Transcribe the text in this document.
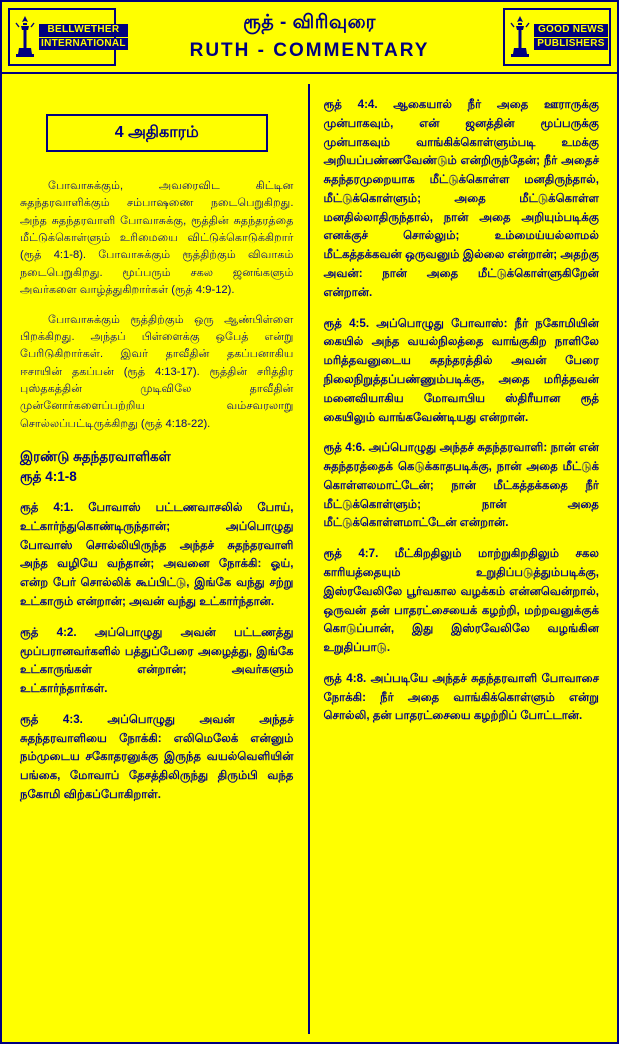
BELLWETHER
INTERNATIONAL
ரூத் - விரிவுரை
RUTH - COMMENTARY
GOOD NEWS
PUBLISHERS
4 அதிகாரம்

போவாசுக்கும், அவரைவிட கிட்டின சுதந்தரவாளிக்கும் சம்பாஷணை நடைபெறுகிறது. அந்த சுதந்தரவாளி போவாசுக்கு, ரூத்தின் சுதந்தரத்தை மீட்டுக்கொள்ளும் உரிமையை விட்டுக்கொடுக்கிறார் (ரூத் 4:1-8). போவாசுக்கும் ரூத்திற்கும் விவாகம் நடைபெறுகிறது. மூப்பரும் சகல ஜனங்களும் அவர்களை வாழ்த்துகிறார்கள் (ரூத் 4:9-12).

போவாசுக்கும் ரூத்திற்கும் ஒரு ஆண்பிள்ளை பிறக்கிறது. அந்தப் பிள்ளைக்கு ஒபேத் என்று பேரிடுகிறார்கள். இவர் தாவீதின் தகப்பனாகிய ஈசாயின் தகப்பன் (ரூத் 4:13-17). ரூத்தின் சரித்திர புஸ்தகத்தின் முடிவிலே தாவீதின் முன்னோர்களைப்பற்றிய வம்சவரலாறு சொல்லப்பட்டிருக்கிறது (ரூத் 4:18-22).

இரண்டு சுதந்தரவாளிகள்
ரூத் 4:1-8

ரூத் 4:1. போவாஸ் பட்டணவாசலில் போய், உட்கார்ந்துகொண்டிருந்தான்; அப்பொழுது போவாஸ் சொல்லியிருந்த அந்தச் சுதந்தரவாளி அந்த வழியே வந்தான்; அவனை நோக்கி: ஓய், என்ற பேர் சொல்லிக் கூப்பிட்டு, இங்கே வந்து சற்று உட்காரும் என்றான்; அவன் வந்து உட்கார்ந்தான்.

ரூத் 4:2. அப்பொழுது அவன் பட்டணத்து மூப்பரானவர்களில் பத்துப்பேரை அழைத்து, இங்கே உட்காருங்கள் என்றான்; அவர்களும் உட்கார்ந்தார்கள்.

ரூத் 4:3. அப்பொழுது அவன் அந்தச் சுதந்தரவாளியை நோக்கி: எலிமெலேக் என்னும் நம்முடைய சகோதரனுக்கு இருந்த வயல்வெளியின் பங்கை, மோவாப் தேசத்திலிருந்து திரும்பி வந்த நகோமி விற்கப்போகிறாள்.

ரூத் 4:4. ஆகையால் நீர் அதை ஊராருக்கு முன்பாகவும், என் ஜனத்தின் மூப்பருக்கு முன்பாகவும் வாங்கிக்கொள்ளும்படி உமக்கு அறியப்பண்ணவேண்டும் என்றிருந்தேன்; நீர் அதைச் சுதந்தரமுறையாக மீட்டுக்கொள்ள மனதிருந்தால், மீட்டுக்கொள்ளும்; அதை மீட்டுக்கொள்ள மனதில்லாதிருந்தால், நான் அதை அறியும்படிக்கு எனக்குச் சொல்லும்; உம்மைய்யல்லாமல் மீட்கத்தக்கவன் ஒருவனும் இல்லை என்றான்; அதற்கு அவன்: நான் அதை மீட்டுக்கொள்ளுகிறேன் என்றான்.

ரூத் 4:5. அப்பொழுது போவாஸ்: நீர் நகோமியின் கையில் அந்த வயல்நிலத்தை வாங்குகிற நாளிலே மரித்தவனுடைய சுதந்தரத்தில் அவன் பேரை நிலைநிறுத்தப்பண்ணும்படிக்கு, அதை மரித்தவன் மனைவியாகிய மோவாபிய ஸ்திரீயான ரூத் கையிலும் வாங்கவேண்டியது என்றான்.

ரூத் 4:6. அப்பொழுது அந்தச் சுதந்தரவாளி: நான் என் சுதந்தரத்தைக் கெடுக்காதபடிக்கு, நான் அதை மீட்டுக் கொள்ளலமாட்டேன்; நான் மீட்கத்தக்கதை நீர் மீட்டுக்கொள்ளும்; நான் அதை மீட்டுக்கொள்ளமாட்டேன் என்றான்.

ரூத் 4:7. மீட்கிறதிலும் மாற்றுகிறதிலும் சகல காரியத்தையும் உறுதிப்படுத்தும்படிக்கு, இஸ்ரவேலிலே பூர்வகால வழக்கம் என்னவென்றால், ஒருவன் தன் பாதரட்சையைக் கழற்றி, மற்றவனுக்குக் கொடுப்பான், இது இஸ்ரவேலிலே வழங்கின உறுதிப்பாடு.

ரூத் 4:8. அப்படியே அந்தச் சுதந்தரவாளி போவாசை நோக்கி: நீர் அதை வாங்கிக்கொள்ளும் என்று சொல்லி, தன் பாதரட்சையை கழற்றிப் போட்டான்.
